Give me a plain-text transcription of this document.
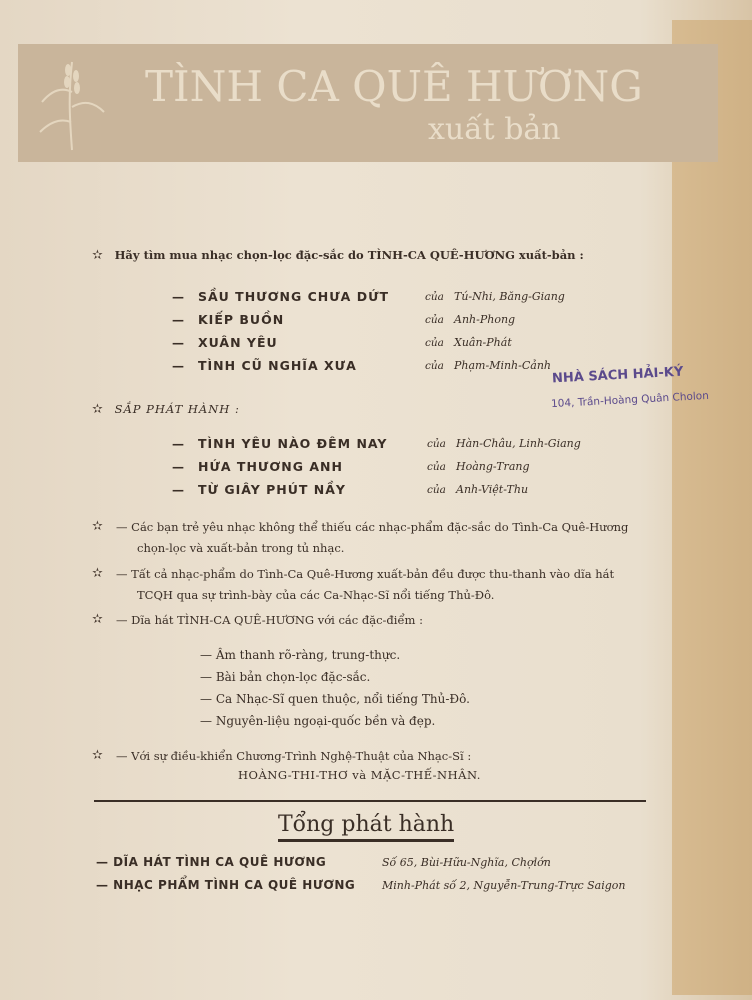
TÌNH CA QUÊ HƯƠNG
xuất bản
✫ Hãy tìm mua nhạc chọn-lọc đặc-sắc do TÌNH-CA QUÊ-HƯƠNG xuất-bản :
— SẦU THƯƠNG CHƯA DỨT	của Tú-Nhi, Băng-Giang
— KIẾP BUỒN	của Anh-Phong
— XUÂN YÊU	của Xuân-Phát
— TÌNH CŨ NGHĨA XƯA	của Phạm-Minh-Cảnh NHÀ SÁCH HẢI-KÝ
104, Trần-Hoàng Quân Cholon
✫ SẮP PHÁT HÀNH :
— TÌNH YÊU NÀO ĐÊM NAY	của Hàn-Châu, Linh-Giang
— HỨA THƯƠNG ANH	của Hoàng-Trang
— TỪ GIÂY PHÚT NẦY	của Anh-Việt-Thu
✫ — Các bạn trẻ yêu nhạc không thể thiếu các nhạc-phẩm đặc-sắc do Tình-Ca Quê-Hương
chọn-lọc và xuất-bản trong tủ nhạc.
✫ — Tất cả nhạc-phẩm do Tình-Ca Quê-Hương xuất-bản đều được thu-thanh vào dĩa hát
TCQH qua sự trình-bày của các Ca-Nhạc-Sĩ nổi tiếng Thủ-Đô.
✫ — Dĩa hát TÌNH-CA QUÊ-HƯƠNG với các đặc-điểm :
— Âm thanh rõ-ràng, trung-thực.
— Bài bản chọn-lọc đặc-sắc.
— Ca Nhạc-Sĩ quen thuộc, nổi tiếng Thủ-Đô.
— Nguyên-liệu ngoại-quốc bền và đẹp.
✫ — Với sự điều-khiển Chương-Trình Nghệ-Thuật của Nhạc-Sĩ :
HOÀNG-THI-THƠ và MẶC-THẾ-NHÂN.
Tổng phát hành
— DĨA HÁT TÌNH CA QUÊ HƯƠNG	Số 65, Bùi-Hữu-Nghĩa, Chợlớn
— NHẠC PHẨM TÌNH CA QUÊ HƯƠNG Minh-Phát số 2, Nguyễn-Trung-Trực Saigon
